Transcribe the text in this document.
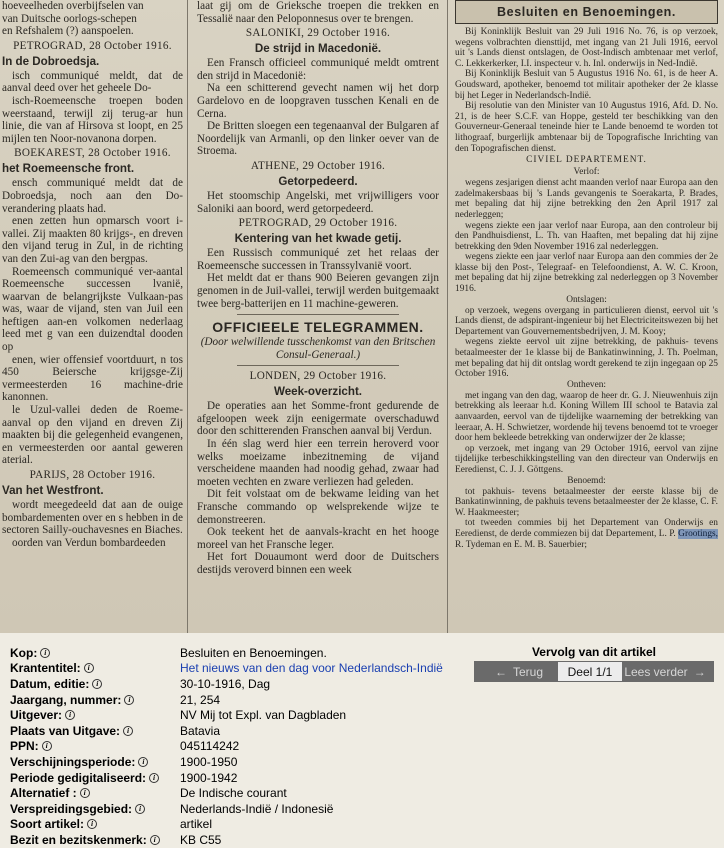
hoeveelheden overbijfselen van

van Duitsche oorlogs-schepen

en Refshalem (?) aanspoelen.

PETROGRAD, 28 October 1916.
In de Dobroedsja.

isch communiqué meldt, dat de aanval deed over het geheele Do-

isch-Roemeensche troepen boden weerstaand, terwijl zij terug-ar hun linie, die van af Hirsova st loopt, en 25 mijlen ten Noor-novanona dorpen.

BOEKAREST, 28 October 1916.
het Roemeensche front.

ensch communiqué meldt dat de Dobroedsja, noch aan den Do-verandering plaats had.

enen zetten hun opmarsch voort i-vallei. Zij maakten 80 krijgs-, en dreven den vijand terug in Zul, in de richting van den Zui-ag van den bergpas.

Roemeensch communiqué ver-aantal Roemeensche successen lvanië, waarvan de belangrijkste Vulkaan-pas was, waar de vijand, sten van Juil een heftigen aan-en volkomen nederlaag leed met g van een duizendtal dooden op

enen, wier offensief voortduurt, n tos 450 Beiersche krijgsge-Zij vermeesterden 16 machine-drie kanonnen.

le Uzul-vallei deden de Roeme-aanval op den vijand en dreven Zij maakten bij die gelegenheid evangenen, en vermeesterden oor aantal geweren aterial.

PARIJS, 28 October 1916.
Van het Westfront.

wordt meegedeeld dat aan de ouige bombardementen over en s hebben in de sectoren Sailly-ouchavesnes en Biaches.

oorden van Verdun bombardeeden

laat gij om de Grieksche troepen die trekken en Tessalië naar den Peloponnesus over te brengen.

SALONIKI, 29 October 1916.
De strijd in Macedonië.

Een Fransch officieel communiqué meldt omtrent den strijd in Macedonië:

Na een schitterend gevecht namen wij het dorp Gardelovo en de loopgraven tusschen Kenali en de Cerna.

De Britten sloegen een tegenaanval der Bulgaren af Noordelijk van Armanli, op den linker oever van de Stroema.

ATHENE, 29 October 1916.
Getorpedeerd.

Het stoomschip Angelski, met vrijwilligers voor Saloniki aan boord, werd getorpedeerd.

PETROGRAD, 29 October 1916.
Kentering van het kwade getij.

Een Russisch communiqué zet het relaas der Roemeensche successen in Transsylvanië voort.

Het meldt dat er thans 900 Beieren gevangen zijn genomen in de Juil-vallei, terwijl werden buitgemaakt twee berg-batterijen en 11 machine-geweren.

OFFICIEELE TELEGRAMMEN.
(Door welwillende tusschenkomst van den Britschen Consul-Generaal.)
LONDEN, 29 October 1916.
Week-overzicht.

De operaties aan het Somme-front gedurende de afgeloopen week zijn eenigermate overschaduwd door den schitterenden Franschen aanval bij Verdun.

In één slag werd hier een terrein heroverd voor welks moeizame inbezitneming de vijand verscheidene maanden had noodig gehad, zwaar had moeten vechten en zware verliezen had geleden.

Dit feit volstaat om de bekwame leiding van het Fransche commando op welsprekende wijze te demonstreeren.

Ook teekent het de aanvals-kracht en het hooge moreel van het Fransche leger.

Het fort Douaumont werd door de Duitschers destijds veroverd binnen een week

Besluiten en Benoemingen.

Bij Koninklijk Besluit van 29 Juli 1916 No. 76, is op verzoek, wegens volbrachten diensttijd, met ingang van 21 Juli 1916, eervol uit 's Lands dienst ontslagen, de Oost-Indisch ambtenaar met verlof, C. Lekkerkerker, I.I. inspecteur v. h. Inl. onderwijs in Ned-Indië.

Bij Koninklijk Besluit van 5 Augustus 1916 No. 61, is de heer A. Goudsward, apotheker, benoemd tot militair apotheker der 2e klasse bij het Leger in Nederlandsch-Indië.

Bij resolutie van den Minister van 10 Augustus 1916, Afd. D. No. 21, is de heer S.C.F. van Hoppe, gesteld ter beschikking van den Gouverneur-Generaal teneinde hier te Lande benoemd te worden tot lithograaf, burgerlijk ambtenaar bij de Topografische Inrichting van den Topografischen dienst.

CIVIEL DEPARTEMENT.
Verlof:

wegens zesjarigen dienst acht maanden verlof naar Europa aan den zadelmakersbaas bij 's Lands gevangenis te Soerakarta, P. Brades, met bepaling dat hij zijne betrekking den 2en April 1917 zal nederleggen;

wegens ziekte een jaar verlof naar Europa, aan den controleur bij den Pandhuisdienst, L. Th. van Haaften, met bepaling dat hij zijne betrekking den 9den November 1916 zal nederleggen.

wegens ziekte een jaar verlof naar Europa aan den commies der 2e klasse bij den Post-, Telegraaf- en Telefoondienst, A. W. C. Kroon, met bepaling dat hij zijne betrekking zal nederleggen op 3 November 1916.

Ontslagen:

op verzoek, wegens overgang in particulieren dienst, eervol uit 's Lands dienst, de adspirant-ingenieur bij het Electriciteitswezen bij het Departement van Gouvernementsbedrijven, J. M. Kooy;

wegens ziekte eervol uit zijne betrekking, de pakhuis- tevens betaalmeester der 1e klasse bij de Bankatinwinning, J. Th. Poelman, met bepaling dat hij dit ontslag wordt gerekend te zijn ingegaan op 25 October 1916.

Ontheven:

met ingang van den dag, waarop de heer dr. G. J. Nieuwenhuis zijn betrekking als leeraar h.d. Koning Willem III school te Batavia zal aanvaarden, eervol van de tijdelijke waarneming der betrekking van leeraar, A. H. Schwietzer, wordende hij tevens benoemd tot te vroeger door hem bekleede betrekking van onderwijzer der 2e klasse;

op verzoek, met ingang van 29 October 1916, eervol van zijne tijdelijke terbeschikkingstelling van den directeur van Onderwijs en Eeredienst, C. J. J. Göttgens.

Benoemd:

tot pakhuis- tevens betaalmeester der eerste klasse bij de Bankatinwinning, de pakhuis tevens betaalmeester der 2e klasse, C. F. W. Haakmeester;

tot tweeden commies bij het Departement van Onderwijs en Eeredienst, de derde commiezen bij dat Departement, L. P. Grootings, R. Tydeman en E. M. B. Sauerbier;

Kop: i	Besluiten en Benoemingen.
Krantentitel: i	Het nieuws van den dag voor Nederlandsch-Indië
Datum, editie: i	30-10-1916, Dag
Jaargang, nummer: i	21, 254
Uitgever: i	NV Mij tot Expl. van Dagbladen
Plaats van Uitgave: i	Batavia
PPN: i	045114242
Verschijningsperiode: i	1900-1950
Periode gedigitaliseerd: i	1900-1942
Alternatief : i	De Indische courant
Verspreidingsgebied: i	Nederlands-Indië / Indonesië
Soort artikel: i	artikel
Bezit en bezitskenmerk: i	KB C55
Vervolg van dit artikel
← Terug	Deel 1/1 Lees verder →
